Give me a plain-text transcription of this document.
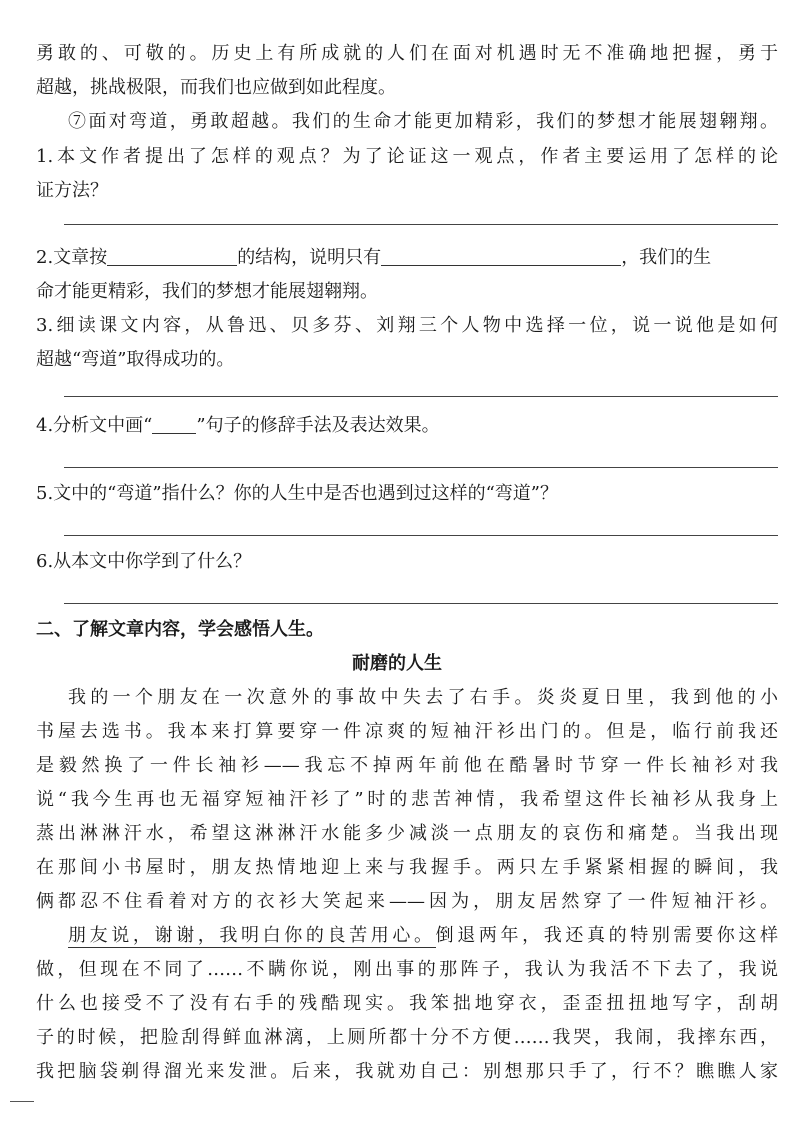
勇敢的、可敬的。历史上有所成就的人们在面对机遇时无不准确地把握，勇于
超越，挑战极限，而我们也应做到如此程度。
⑦面对弯道，勇敢超越。我们的生命才能更加精彩，我们的梦想才能展翅翱翔。
1.本文作者提出了怎样的观点？为了论证这一观点，作者主要运用了怎样的论
证方法？
2.文章按	的结构，说明只有	，我们的生
命才能更精彩，我们的梦想才能展翅翱翔。
3.细读课文内容，从鲁迅、贝多芬、刘翔三个人物中选择一位，说一说他是如何
超越“弯道”取得成功的。
4.分析文中画“ ”句子的修辞手法及表达效果。
5.文中的“弯道”指什么？你的人生中是否也遇到过这样的“弯道”？
6.从本文中你学到了什么？
二、了解文章内容，学会感悟人生。
耐磨的人生
我的一个朋友在一次意外的事故中失去了右手。炎炎夏日里，我到他的小
书屋去选书。我本来打算要穿一件凉爽的短袖汗衫出门的。但是，临行前我还
是毅然换了一件长袖衫——我忘不掉两年前他在酷暑时节穿一件长袖衫对我
说“我今生再也无福穿短袖汗衫了”时的悲苦神情，我希望这件长袖衫从我身上
蒸出淋淋汗水，希望这淋淋汗水能多少减淡一点朋友的哀伤和痛楚。当我出现
在那间小书屋时，朋友热情地迎上来与我握手。两只左手紧紧相握的瞬间，我
俩都忍不住看着对方的衣衫大笑起来——因为，朋友居然穿了一件短袖汗衫。
朋友说，谢谢，我明白你的良苦用心。倒退两年，我还真的特别需要你这样
做，但现在不同了……不瞒你说，刚出事的那阵子，我认为我活不下去了，我说
什么也接受不了没有右手的残酷现实。我笨拙地穿衣，歪歪扭扭地写字，刮胡
子的时候，把脸刮得鲜血淋漓，上厕所都十分不方便……我哭，我闹，我摔东西，
我把脑袋剃得溜光来发泄。后来，我就劝自己：别想那只手了，行不？瞧瞧人家
